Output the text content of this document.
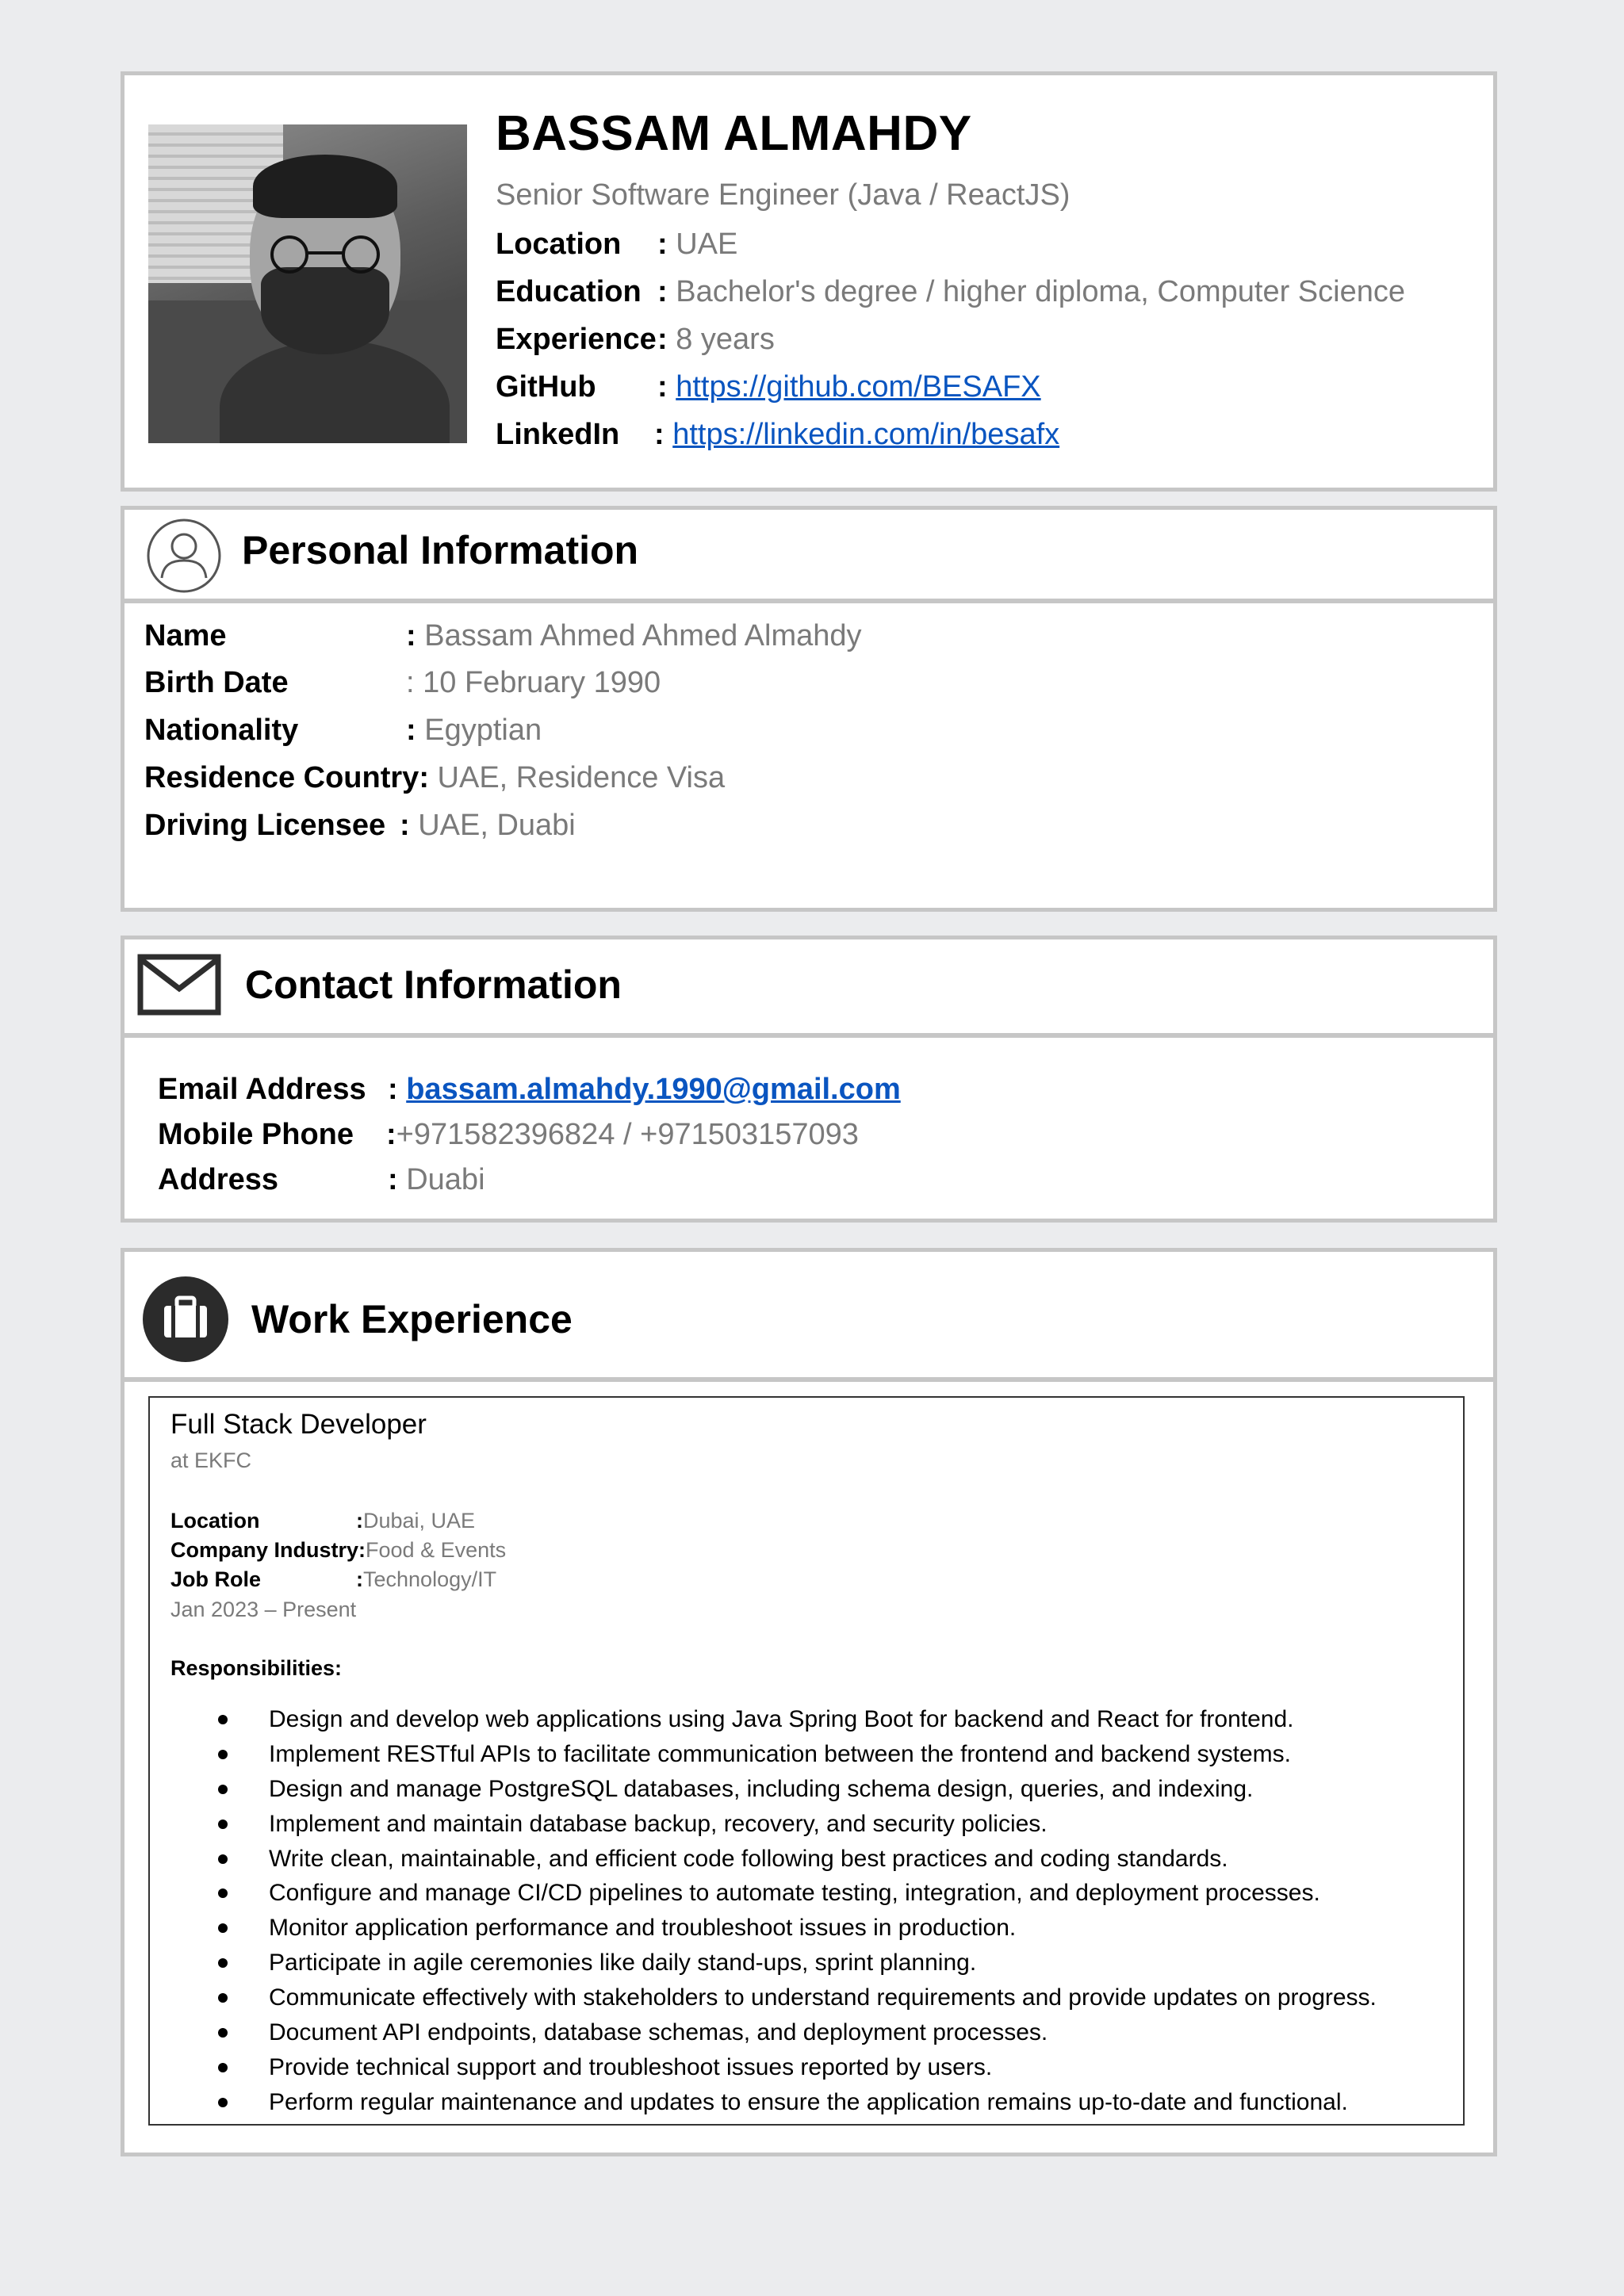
BASSAM ALMAHDY
Senior Software Engineer (Java / ReactJS)
Location : UAE
Education : Bachelor's degree / higher diploma, Computer Science
Experience: 8 years
GitHub : https://github.com/BESAFX
LinkedIn : https://linkedin.com/in/besafx
Personal Information
Name	: Bassam Ahmed Ahmed Almahdy
Birth Date	: 10 February 1990
Nationality	: Egyptian
Residence Country: UAE, Residence Visa
Driving Licensee : UAE, Duabi
Contact Information
Email Address : bassam.almahdy.1990@gmail.com
Mobile Phone :+971582396824 / +971503157093
Address	: Duabi
Work Experience
Full Stack Developer
at EKFC
Location	:Dubai, UAE
Company Industry:Food & Events
Job Role	:Technology/IT
Jan 2023 – Present
Responsibilities:
Design and develop web applications using Java Spring Boot for backend and React for frontend.
Implement RESTful APIs to facilitate communication between the frontend and backend systems.
Design and manage PostgreSQL databases, including schema design, queries, and indexing.
Implement and maintain database backup, recovery, and security policies.
Write clean, maintainable, and efficient code following best practices and coding standards.
Configure and manage CI/CD pipelines to automate testing, integration, and deployment processes.
Monitor application performance and troubleshoot issues in production.
Participate in agile ceremonies like daily stand-ups, sprint planning.
Communicate effectively with stakeholders to understand requirements and provide updates on progress.
Document API endpoints, database schemas, and deployment processes.
Provide technical support and troubleshoot issues reported by users.
Perform regular maintenance and updates to ensure the application remains up-to-date and functional.
